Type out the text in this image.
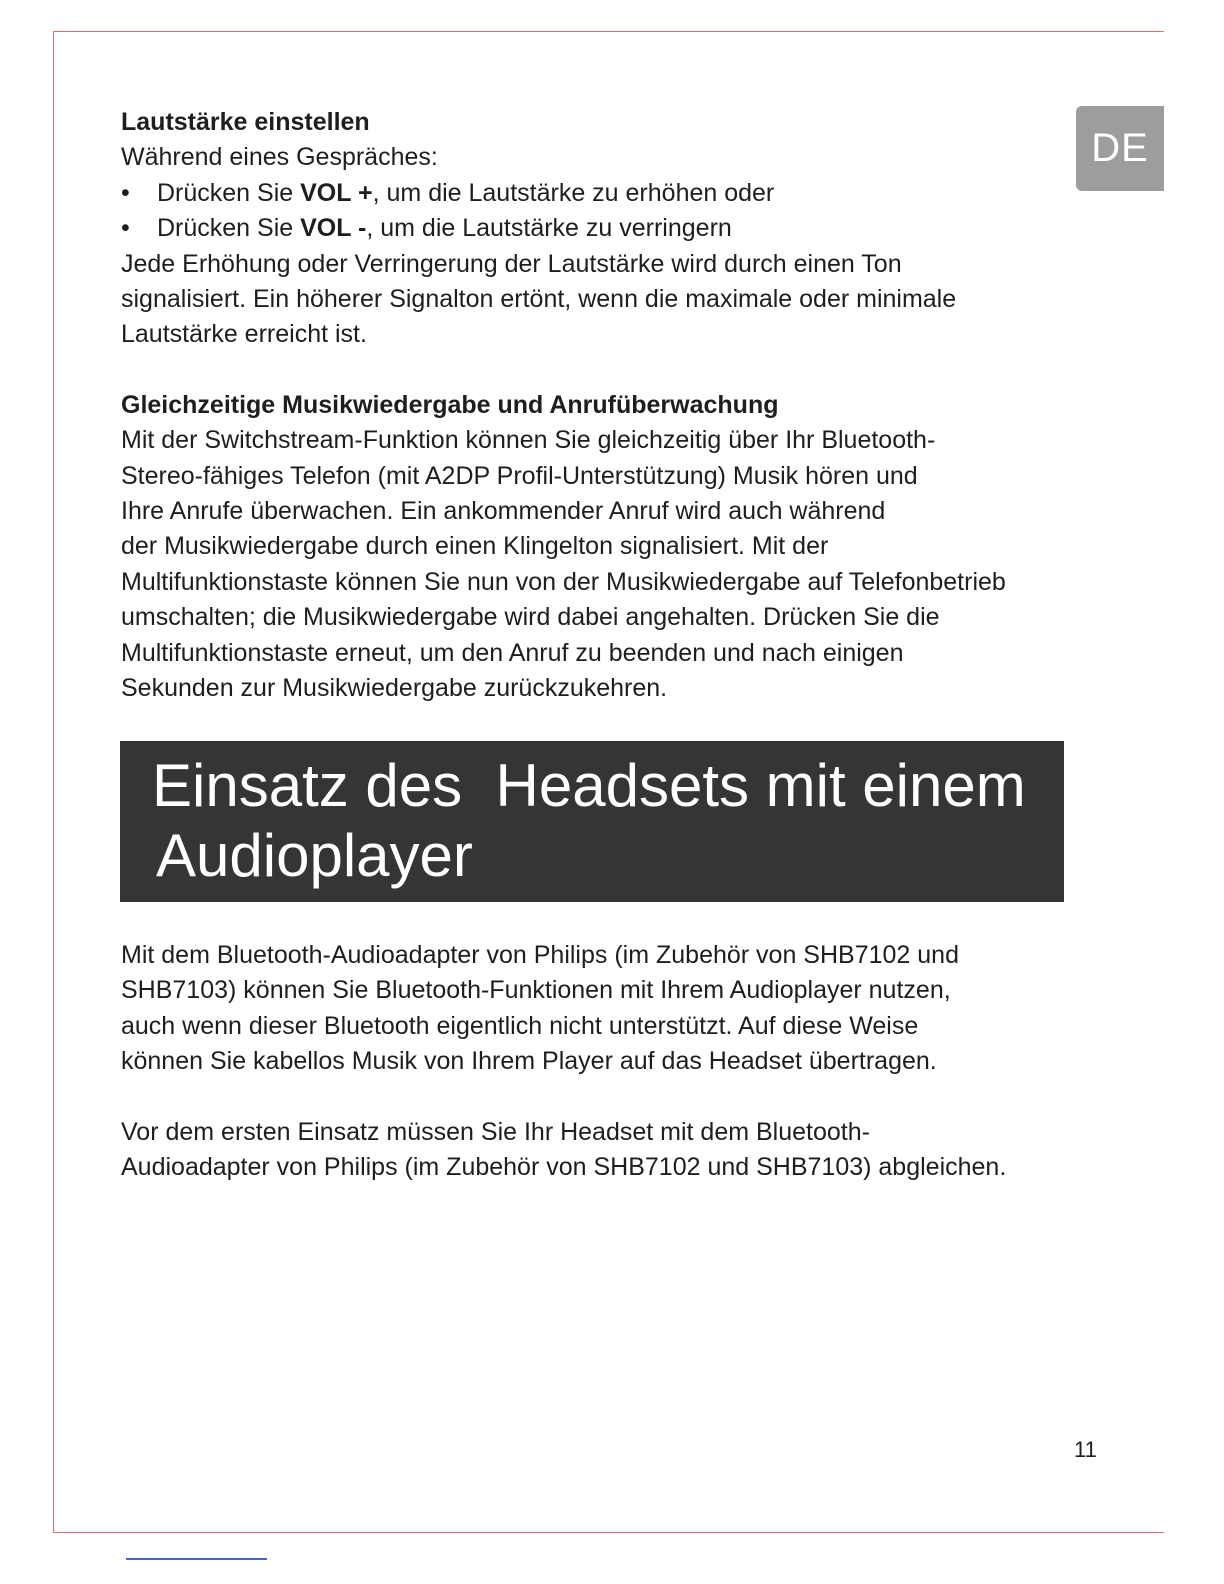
DE

Lautstärke einstellen

Während eines Gespräches:

• Drücken Sie VOL +, um die Lautstärke zu erhöhen oder
• Drücken Sie VOL -, um die Lautstärke zu verringern

Jede Erhöhung oder Verringerung der Lautstärke wird durch einen Ton

signalisiert. Ein höherer Signalton ertönt, wenn die maximale oder minimale

Lautstärke erreicht ist.

Gleichzeitige Musikwiedergabe und Anrufüberwachung

Mit der Switchstream-Funktion können Sie gleichzeitig über Ihr Bluetooth-

Stereo-fähiges Telefon (mit A2DP Profil-Unterstützung) Musik hören und

Ihre Anrufe überwachen. Ein ankommender Anruf wird auch während

der Musikwiedergabe durch einen Klingelton signalisiert. Mit der

Multifunktionstaste können Sie nun von der Musikwiedergabe auf Telefonbetrieb

umschalten; die Musikwiedergabe wird dabei angehalten. Drücken Sie die

Multifunktionstaste erneut, um den Anruf zu beenden und nach einigen

Sekunden zur Musikwiedergabe zurückzukehren.

Einsatz des  Headsets mit einem
Audioplayer

Mit dem Bluetooth-Audioadapter von Philips (im Zubehör von SHB7102 und

SHB7103) können Sie Bluetooth-Funktionen mit Ihrem Audioplayer nutzen,

auch wenn dieser Bluetooth eigentlich nicht unterstützt. Auf diese Weise

können Sie kabellos Musik von Ihrem Player auf das Headset übertragen.

Vor dem ersten Einsatz müssen Sie Ihr Headset mit dem Bluetooth-

Audioadapter von Philips (im Zubehör von SHB7102 und SHB7103) abgleichen.

11
